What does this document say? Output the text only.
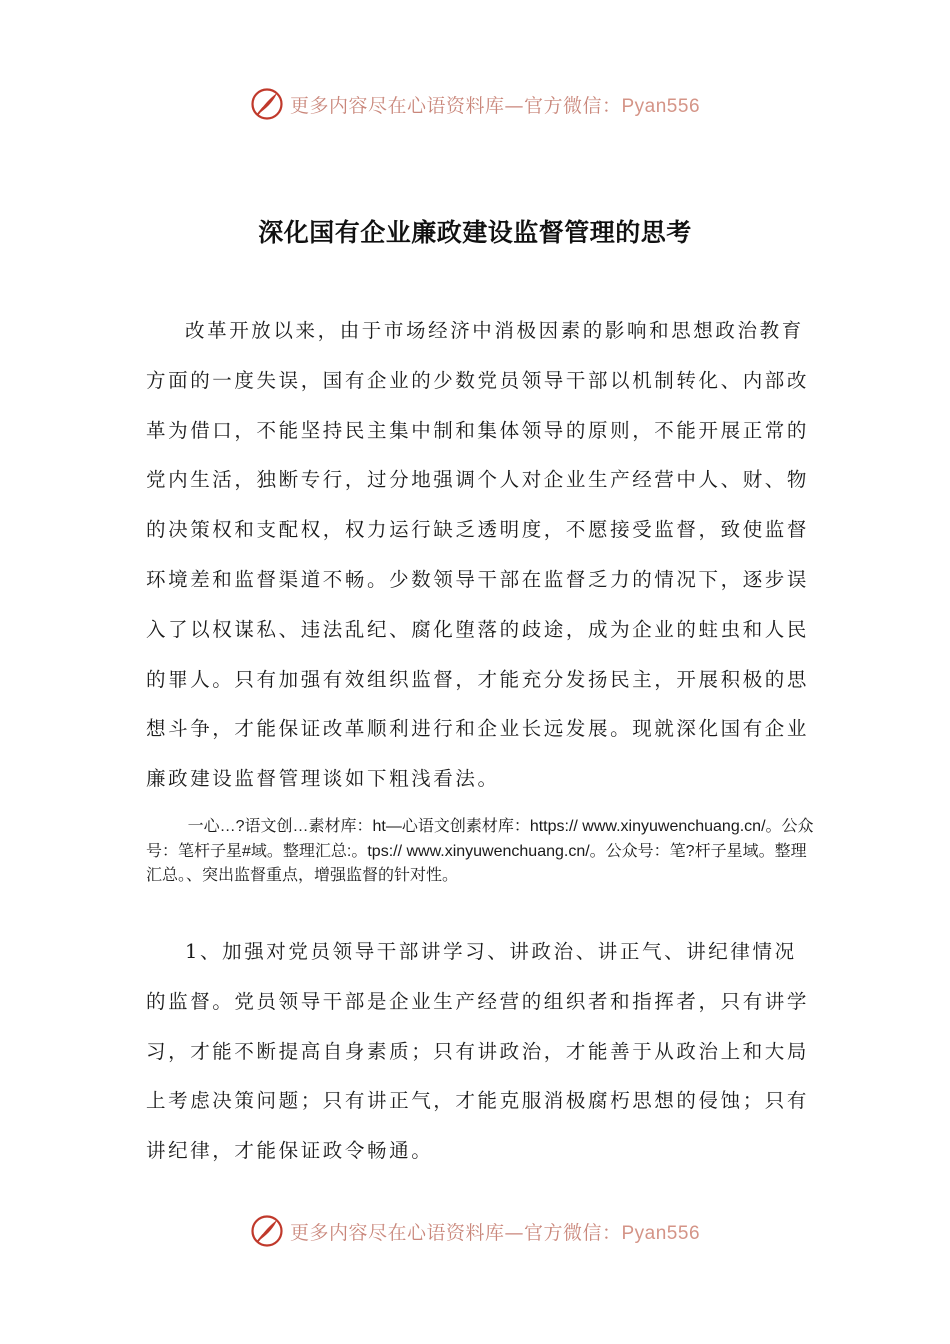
更多内容尽在心语资料库—官方微信：Pyan556
深化国有企业廉政建设监督管理的思考

改革开放以来，由于市场经济中消极因素的影响和思想政治教育方面的一度失误，国有企业的少数党员领导干部以机制转化、内部改革为借口，不能坚持民主集中制和集体领导的原则，不能开展正常的党内生活，独断专行，过分地强调个人对企业生产经营中人、财、物的决策权和支配权，权力运行缺乏透明度，不愿接受监督，致使监督环境差和监督渠道不畅。少数领导干部在监督乏力的情况下，逐步误入了以权谋私、违法乱纪、腐化堕落的歧途，成为企业的蛀虫和人民的罪人。只有加强有效组织监督，才能充分发扬民主，开展积极的思想斗争，才能保证改革顺利进行和企业长远发展。现就深化国有企业廉政建设监督管理谈如下粗浅看法。

一心…?语文创…素材库：ht—心语文创素材库：https:// www.xinyuwenchuang.cn/。公众号：笔杆子星#域。整理汇总:。tps:// www.xinyuwenchuang.cn/。公众号：笔?杆子星域。整理汇总。、突出监督重点，增强监督的针对性。

1、加强对党员领导干部讲学习、讲政治、讲正气、讲纪律情况的监督。党员领导干部是企业生产经营的组织者和指挥者，只有讲学习，才能不断提高自身素质；只有讲政治，才能善于从政治上和大局上考虑决策问题；只有讲正气，才能克服消极腐朽思想的侵蚀；只有讲纪律，才能保证政令畅通。

更多内容尽在心语资料库—官方微信：Pyan556
